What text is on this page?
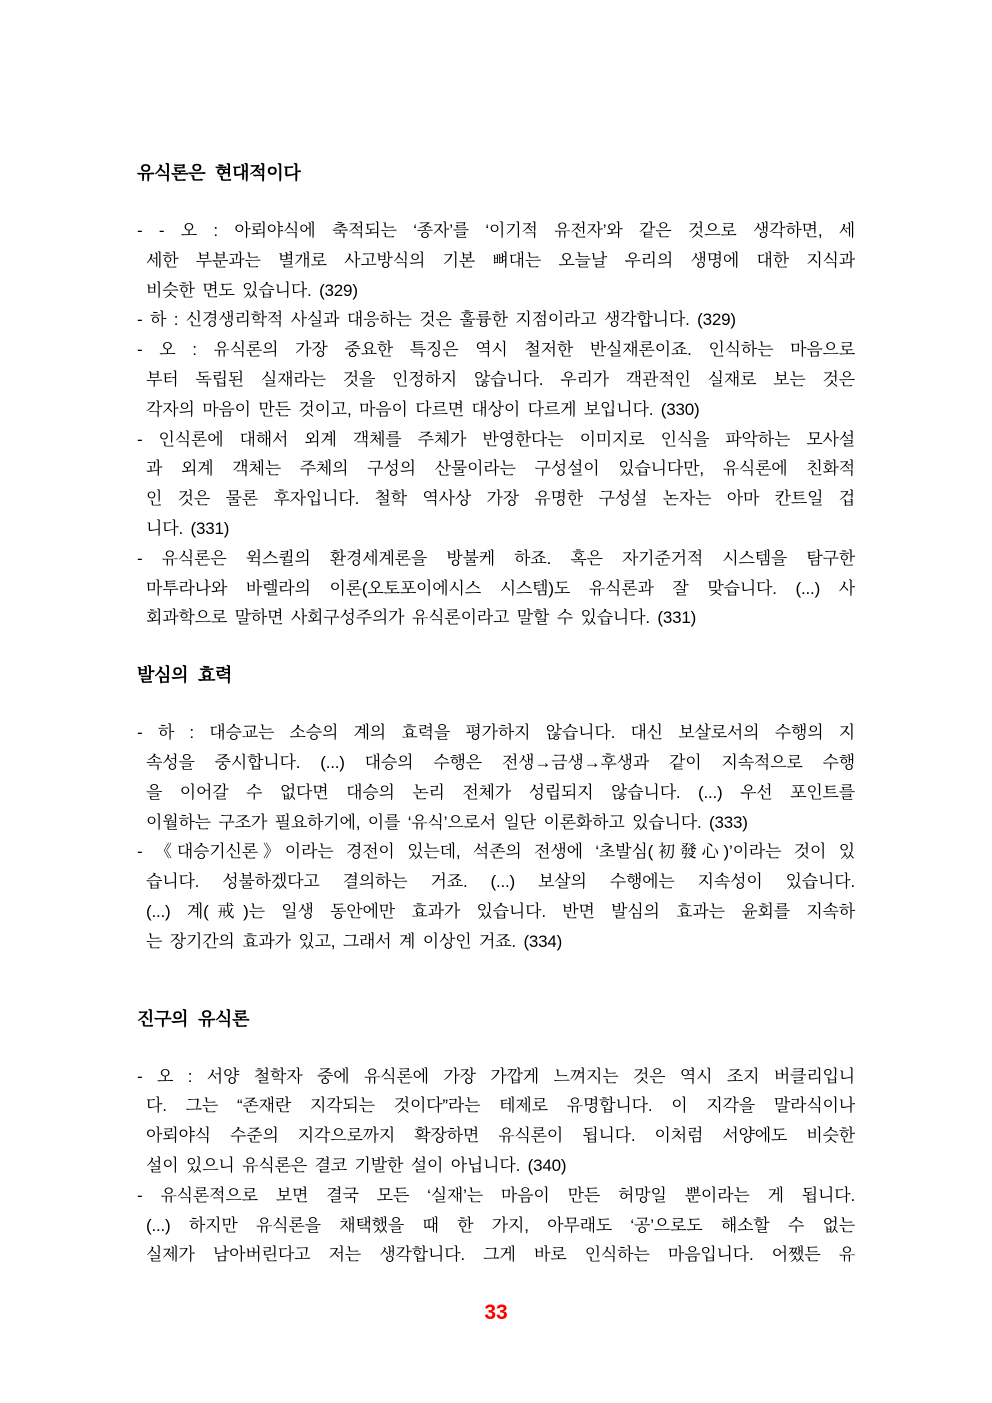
유식론은 현대적이다
- - 오 : 아뢰야식에 축적되는 ‘종자’를 ‘이기적 유전자’와 같은 것으로 생각하면, 세
세한 부분과는 별개로 사고방식의 기본 뼈대는 오늘날 우리의 생명에 대한 지식과
비슷한 면도 있습니다. (329)
- 하 : 신경생리학적 사실과 대응하는 것은 훌륭한 지점이라고 생각합니다. (329)
- 오 : 유식론의 가장 중요한 특징은 역시 철저한 반실재론이죠. 인식하는 마음으로
부터 독립된 실재라는 것을 인정하지 않습니다. 우리가 객관적인 실재로 보는 것은
각자의 마음이 만든 것이고, 마음이 다르면 대상이 다르게 보입니다. (330)
- 인식론에 대해서 외계 객체를 주체가 반영한다는 이미지로 인식을 파악하는 모사설
과 외계 객체는 주체의 구성의 산물이라는 구성설이 있습니다만, 유식론에 친화적
인 것은 물론 후자입니다. 철학 역사상 가장 유명한 구성설 논자는 아마 칸트일 겁
니다. (331)
- 유식론은 윅스퀼의 환경세계론을 방불케 하죠. 혹은 자기준거적 시스템을 탐구한
마투라나와 바렐라의 이론(오토포이에시스 시스템)도 유식론과 잘 맞습니다. (...) 사
회과학으로 말하면 사회구성주의가 유식론이라고 말할 수 있습니다. (331)
발심의 효력
- 하 : 대승교는 소승의 계의 효력을 평가하지 않습니다. 대신 보살로서의 수행의 지
속성을 중시합니다. (...) 대승의 수행은 전생→금생→후생과 같이 지속적으로 수행
을 이어갈 수 없다면 대승의 논리 전체가 성립되지 않습니다. (...) 우선 포인트를
이월하는 구조가 필요하기에, 이를 ‘유식’으로서 일단 이론화하고 있습니다. (333)
- 《대승기신론》이라는 경전이 있는데, 석존의 전생에 ‘초발심(初發心)’이라는 것이 있
습니다. 성불하겠다고 결의하는 거죠. (...) 보살의 수행에는 지속성이 있습니다.
(...) 계(戒)는 일생 동안에만 효과가 있습니다. 반면 발심의 효과는 윤회를 지속하
는 장기간의 효과가 있고, 그래서 계 이상인 거죠. (334)
진구의 유식론
- 오 : 서양 철학자 중에 유식론에 가장 가깝게 느껴지는 것은 역시 조지 버클리입니
다. 그는 “존재란 지각되는 것이다”라는 테제로 유명합니다. 이 지각을 말라식이나
아뢰야식 수준의 지각으로까지 확장하면 유식론이 됩니다. 이처럼 서양에도 비슷한
설이 있으니 유식론은 결코 기발한 설이 아닙니다. (340)
- 유식론적으로 보면 결국 모든 ‘실재’는 마음이 만든 허망일 뿐이라는 게 됩니다.
(...) 하지만 유식론을 채택했을 때 한 가지, 아무래도 ‘공’으로도 해소할 수 없는
실제가 남아버린다고 저는 생각합니다. 그게 바로 인식하는 마음입니다. 어쨌든 유
33
